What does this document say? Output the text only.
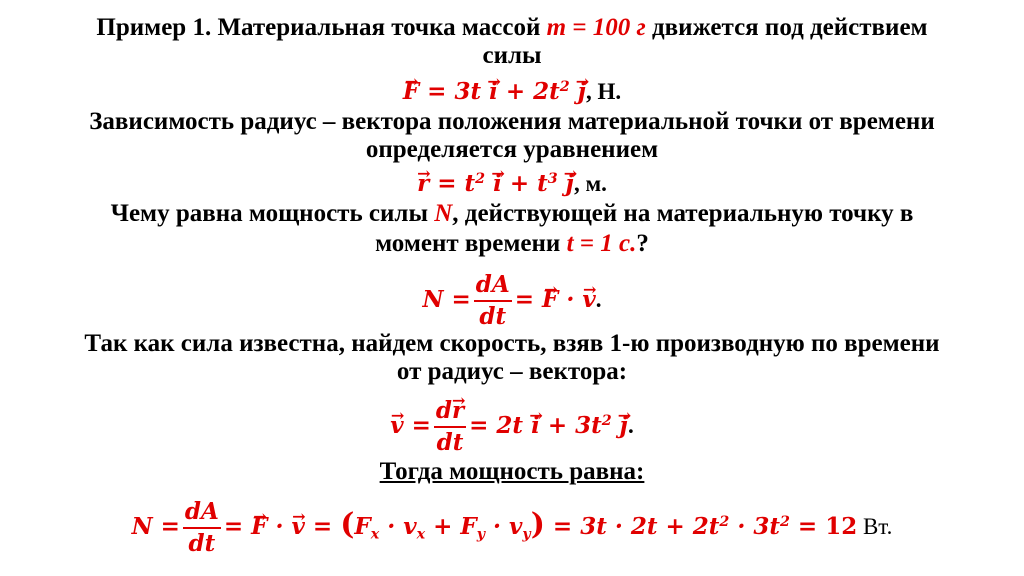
Пример 1. Материальная точка массой m = 100 г движется под действием
силы
→ $F = 3t \to i + 2t^2 \to j$, Н.
Зависимость радиус – вектора положения материальной точки от времени
определяется уравнением
→ $r = t^2 \to i + t^3 \to j$, м.
Чему равна мощность силы N, действующей на материальную точку в
момент времени t = 1 с.?
$N = \frac{dA}{dt}$ = → F · → v.
Так как сила известна, найдем скорость, взяв 1-ю производную по времени
от радиус – вектора:
→ $v = \frac{d\to r}{dt} = 2t \to i + 3t^2 \to j$.
Тогда мощность равна:
$N = \frac{dA}{dt}$ = → F · → $v = (F_x \cdot v_x + F_y \cdot v_y) = 3t \cdot 2t + 2t^2 \cdot 3t^2 = 12$ Вт.
